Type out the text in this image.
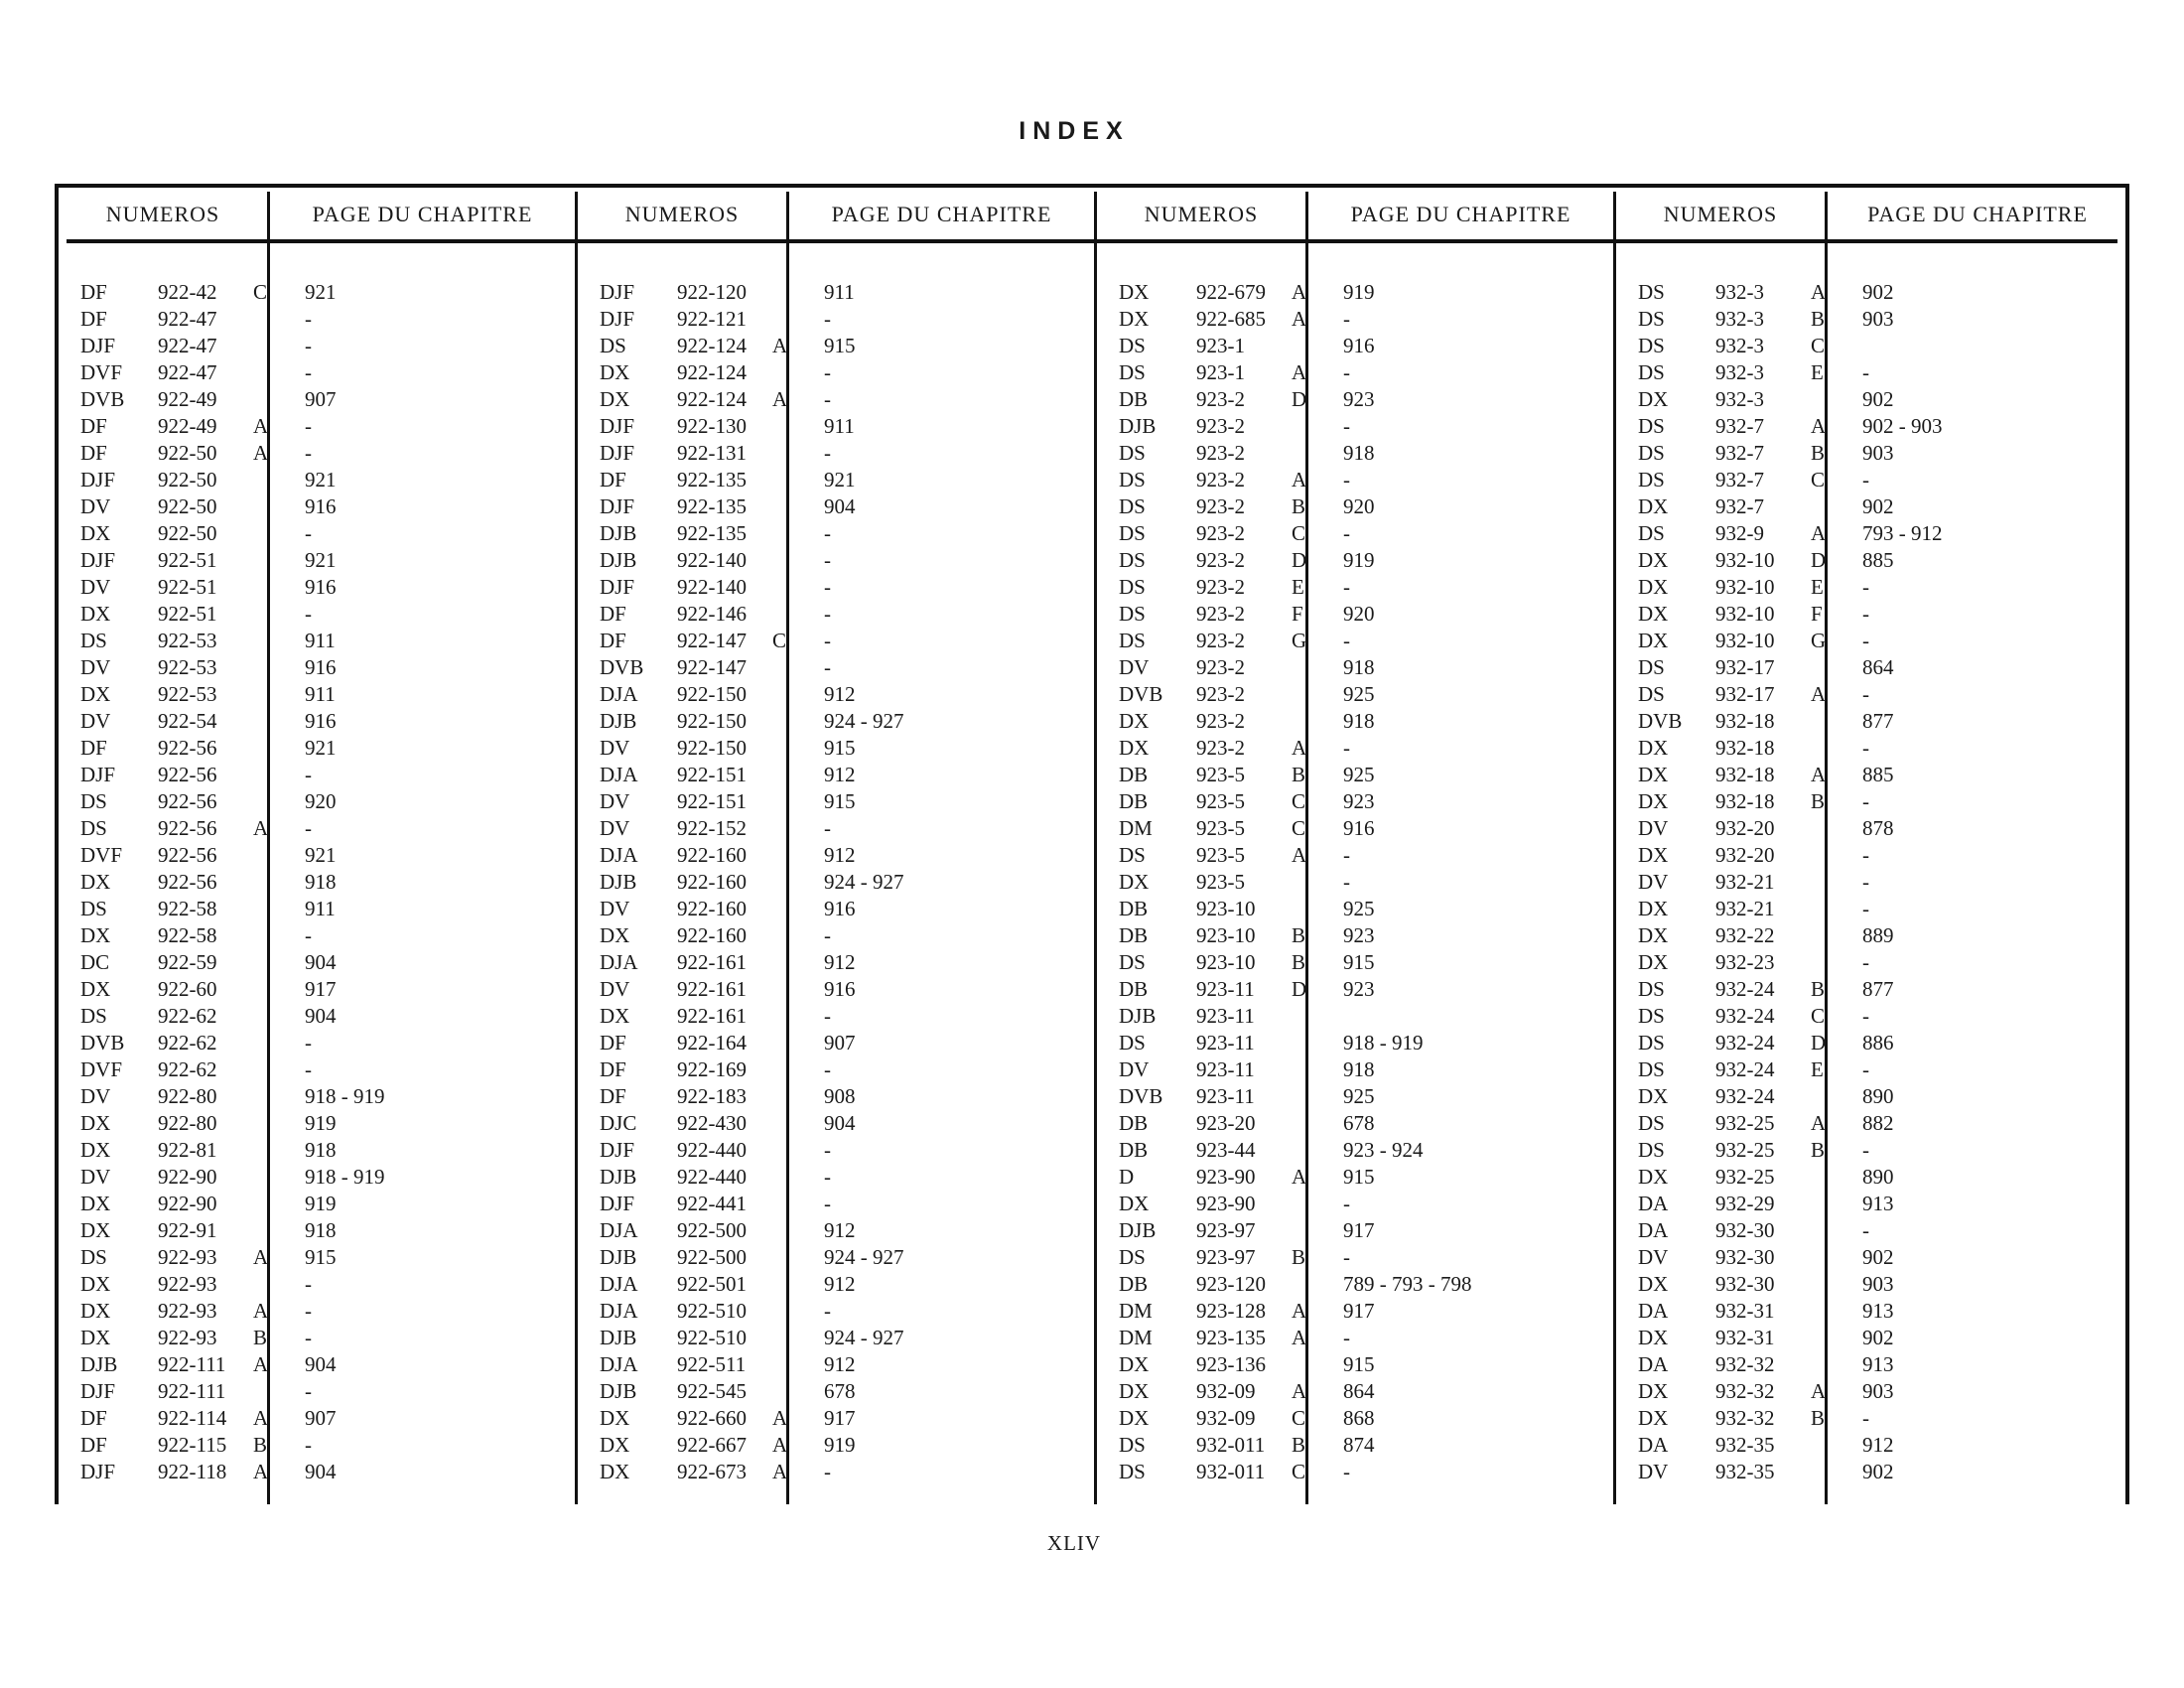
INDEX
NUMEROS	PAGE DU CHAPITRE
DF 922-42 C 921
DF 922-47	-
DJF 922-47	-
DVF 922-47	-
DVB 922-49	907
DF 922-49 A -
DF 922-50 A -
DJF 922-50	921
DV 922-50	916
DX 922-50	-
DJF 922-51	921
DV 922-51	916
DX 922-51	-
DS 922-53	911
DV 922-53	916
DX 922-53	911
DV 922-54	916
DF 922-56	921
DJF 922-56	-
DS 922-56	920
DS 922-56 A -
DVF 922-56	921
DX 922-56	918
DS 922-58	911
DX 922-58	-
DC 922-59	904
DX 922-60	917
DS 922-62	904
DVB 922-62	-
DVF 922-62	-
DV 922-80	918 - 919
DX 922-80	919
DX 922-81	918
DV 922-90	918 - 919
DX 922-90	919
DX 922-91	918
DS 922-93 A 915
DX 922-93	-
DX 922-93 A -
DX 922-93 B -
DJB 922-111 A 904
DJF 922-111	-
DF 922-114 A 907
DF 922-115 B -
DJF 922-118 A 904
NUMEROS	PAGE DU CHAPITRE
DJF 922-120	911
DJF 922-121	-
DS 922-124 A 915
DX 922-124	-
DX 922-124 A -
DJF 922-130	911
DJF 922-131	-
DF 922-135	921
DJF 922-135	904
DJB 922-135	-
DJB 922-140	-
DJF 922-140	-
DF 922-146	-
DF 922-147 C -
DVB 922-147	-
DJA 922-150	912
DJB 922-150	924 - 927
DV 922-150	915
DJA 922-151	912
DV 922-151	915
DV 922-152	-
DJA 922-160	912
DJB 922-160	924 - 927
DV 922-160	916
DX 922-160	-
DJA 922-161	912
DV 922-161	916
DX 922-161	-
DF 922-164	907
DF 922-169	-
DF 922-183	908
DJC 922-430	904
DJF 922-440	-
DJB 922-440	-
DJF 922-441	-
DJA 922-500	912
DJB 922-500	924 - 927
DJA 922-501	912
DJA 922-510	-
DJB 922-510	924 - 927
DJA 922-511	912
DJB 922-545	678
DX 922-660 A 917
DX 922-667 A 919
DX 922-673 A -
NUMEROS	PAGE DU CHAPITRE
DX 922-679 A 919
DX 922-685 A -
DS 923-1	916
DS 923-1 A -
DB 923-2 D 923
DJB 923-2	-
DS 923-2	918
DS 923-2 A -
DS 923-2 B 920
DS 923-2 C -
DS 923-2 D 919
DS 923-2 E -
DS 923-2 F 920
DS 923-2 G -
DV 923-2	918
DVB 923-2	925
DX 923-2	918
DX 923-2 A -
DB 923-5 B 925
DB 923-5 C 923
DM 923-5 C 916
DS 923-5 A -
DX 923-5	-
DB 923-10	925
DB 923-10 B 923
DS 923-10 B 915
DB 923-11 D 923
DJB 923-11
DS 923-11	918 - 919
DV 923-11	918
DVB 923-11	925
DB 923-20	678
DB 923-44	923 - 924
D	923-90 A 915
DX 923-90	-
DJB 923-97	917
DS 923-97 B -
DB 923-120	789 - 793 - 798
DM 923-128 A 917
DM 923-135 A -
DX 923-136	915
DX 932-09 A 864
DX 932-09 C 868
DS 932-011 B 874
DS 932-011 C -
NUMEROS	PAGE DU CHAPITRE
DS 932-3 A 902
DS 932-3 B 903
DS 932-3 C
DS 932-3 E -
DX 932-3	902
DS 932-7 A 902 - 903
DS 932-7 B 903
DS 932-7 C -
DX 932-7	902
DS 932-9 A 793 - 912
DX 932-10 D 885
DX 932-10 E -
DX 932-10 F -
DX 932-10 G -
DS 932-17	864
DS 932-17 A -
DVB 932-18	877
DX 932-18	-
DX 932-18 A 885
DX 932-18 B -
DV 932-20	878
DX 932-20	-
DV 932-21	-
DX 932-21	-
DX 932-22	889
DX 932-23	-
DS 932-24 B 877
DS 932-24 C -
DS 932-24 D 886
DS 932-24 E -
DX 932-24	890
DS 932-25 A 882
DS 932-25 B -
DX 932-25	890
DA 932-29	913
DA 932-30	-
DV 932-30	902
DX 932-30	903
DA 932-31	913
DX 932-31	902
DA 932-32	913
DX 932-32 A 903
DX 932-32 B -
DA 932-35	912
DV 932-35	902
XLIV
